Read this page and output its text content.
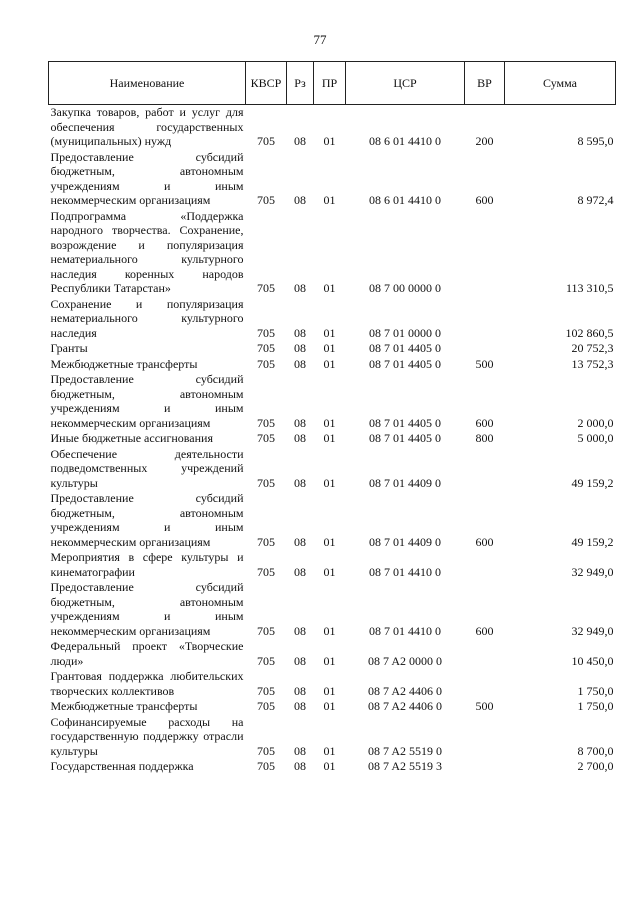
77
Наименование	КВСР	Рз	ПР	ЦСР	ВР	Сумма
Закупка товаров, работ и услуг для обеспечения государственных (муниципальных) нужд	705	08	01	08 6 01 4410 0	200	8 595,0
Предоставление субсидий бюджетным, автономным учреждениям и иным некоммерческим организациям	705	08	01	08 6 01 4410 0	600	8 972,4
Подпрограмма «Поддержка народного творчества. Сохранение, возрождение и популяризация нематериального культурного наследия коренных народов Республики Татарстан»	705	08	01	08 7 00 0000 0		113 310,5
Сохранение и популяризация нематериального культурного наследия	705	08	01	08 7 01 0000 0		102 860,5
Гранты	705	08	01	08 7 01 4405 0		20 752,3
Межбюджетные трансферты	705	08	01	08 7 01 4405 0	500	13 752,3
Предоставление субсидий бюджетным, автономным учреждениям и иным некоммерческим организациям	705	08	01	08 7 01 4405 0	600	2 000,0
Иные бюджетные ассигнования	705	08	01	08 7 01 4405 0	800	5 000,0
Обеспечение деятельности подведомственных учреждений культуры	705	08	01	08 7 01 4409 0		49 159,2
Предоставление субсидий бюджетным, автономным учреждениям и иным некоммерческим организациям	705	08	01	08 7 01 4409 0	600	49 159,2
Мероприятия в сфере культуры и кинематографии	705	08	01	08 7 01 4410 0		32 949,0
Предоставление субсидий бюджетным, автономным учреждениям и иным некоммерческим организациям	705	08	01	08 7 01 4410 0	600	32 949,0
Федеральный проект «Творческие люди»	705	08	01	08 7 A2 0000 0		10 450,0
Грантовая поддержка любительских творческих коллективов	705	08	01	08 7 A2 4406 0		1 750,0
Межбюджетные трансферты	705	08	01	08 7 A2 4406 0	500	1 750,0
Софинансируемые расходы на государственную поддержку отрасли культуры	705	08	01	08 7 A2 5519 0		8 700,0
Государственная поддержка	705	08	01	08 7 A2 5519 3		2 700,0
